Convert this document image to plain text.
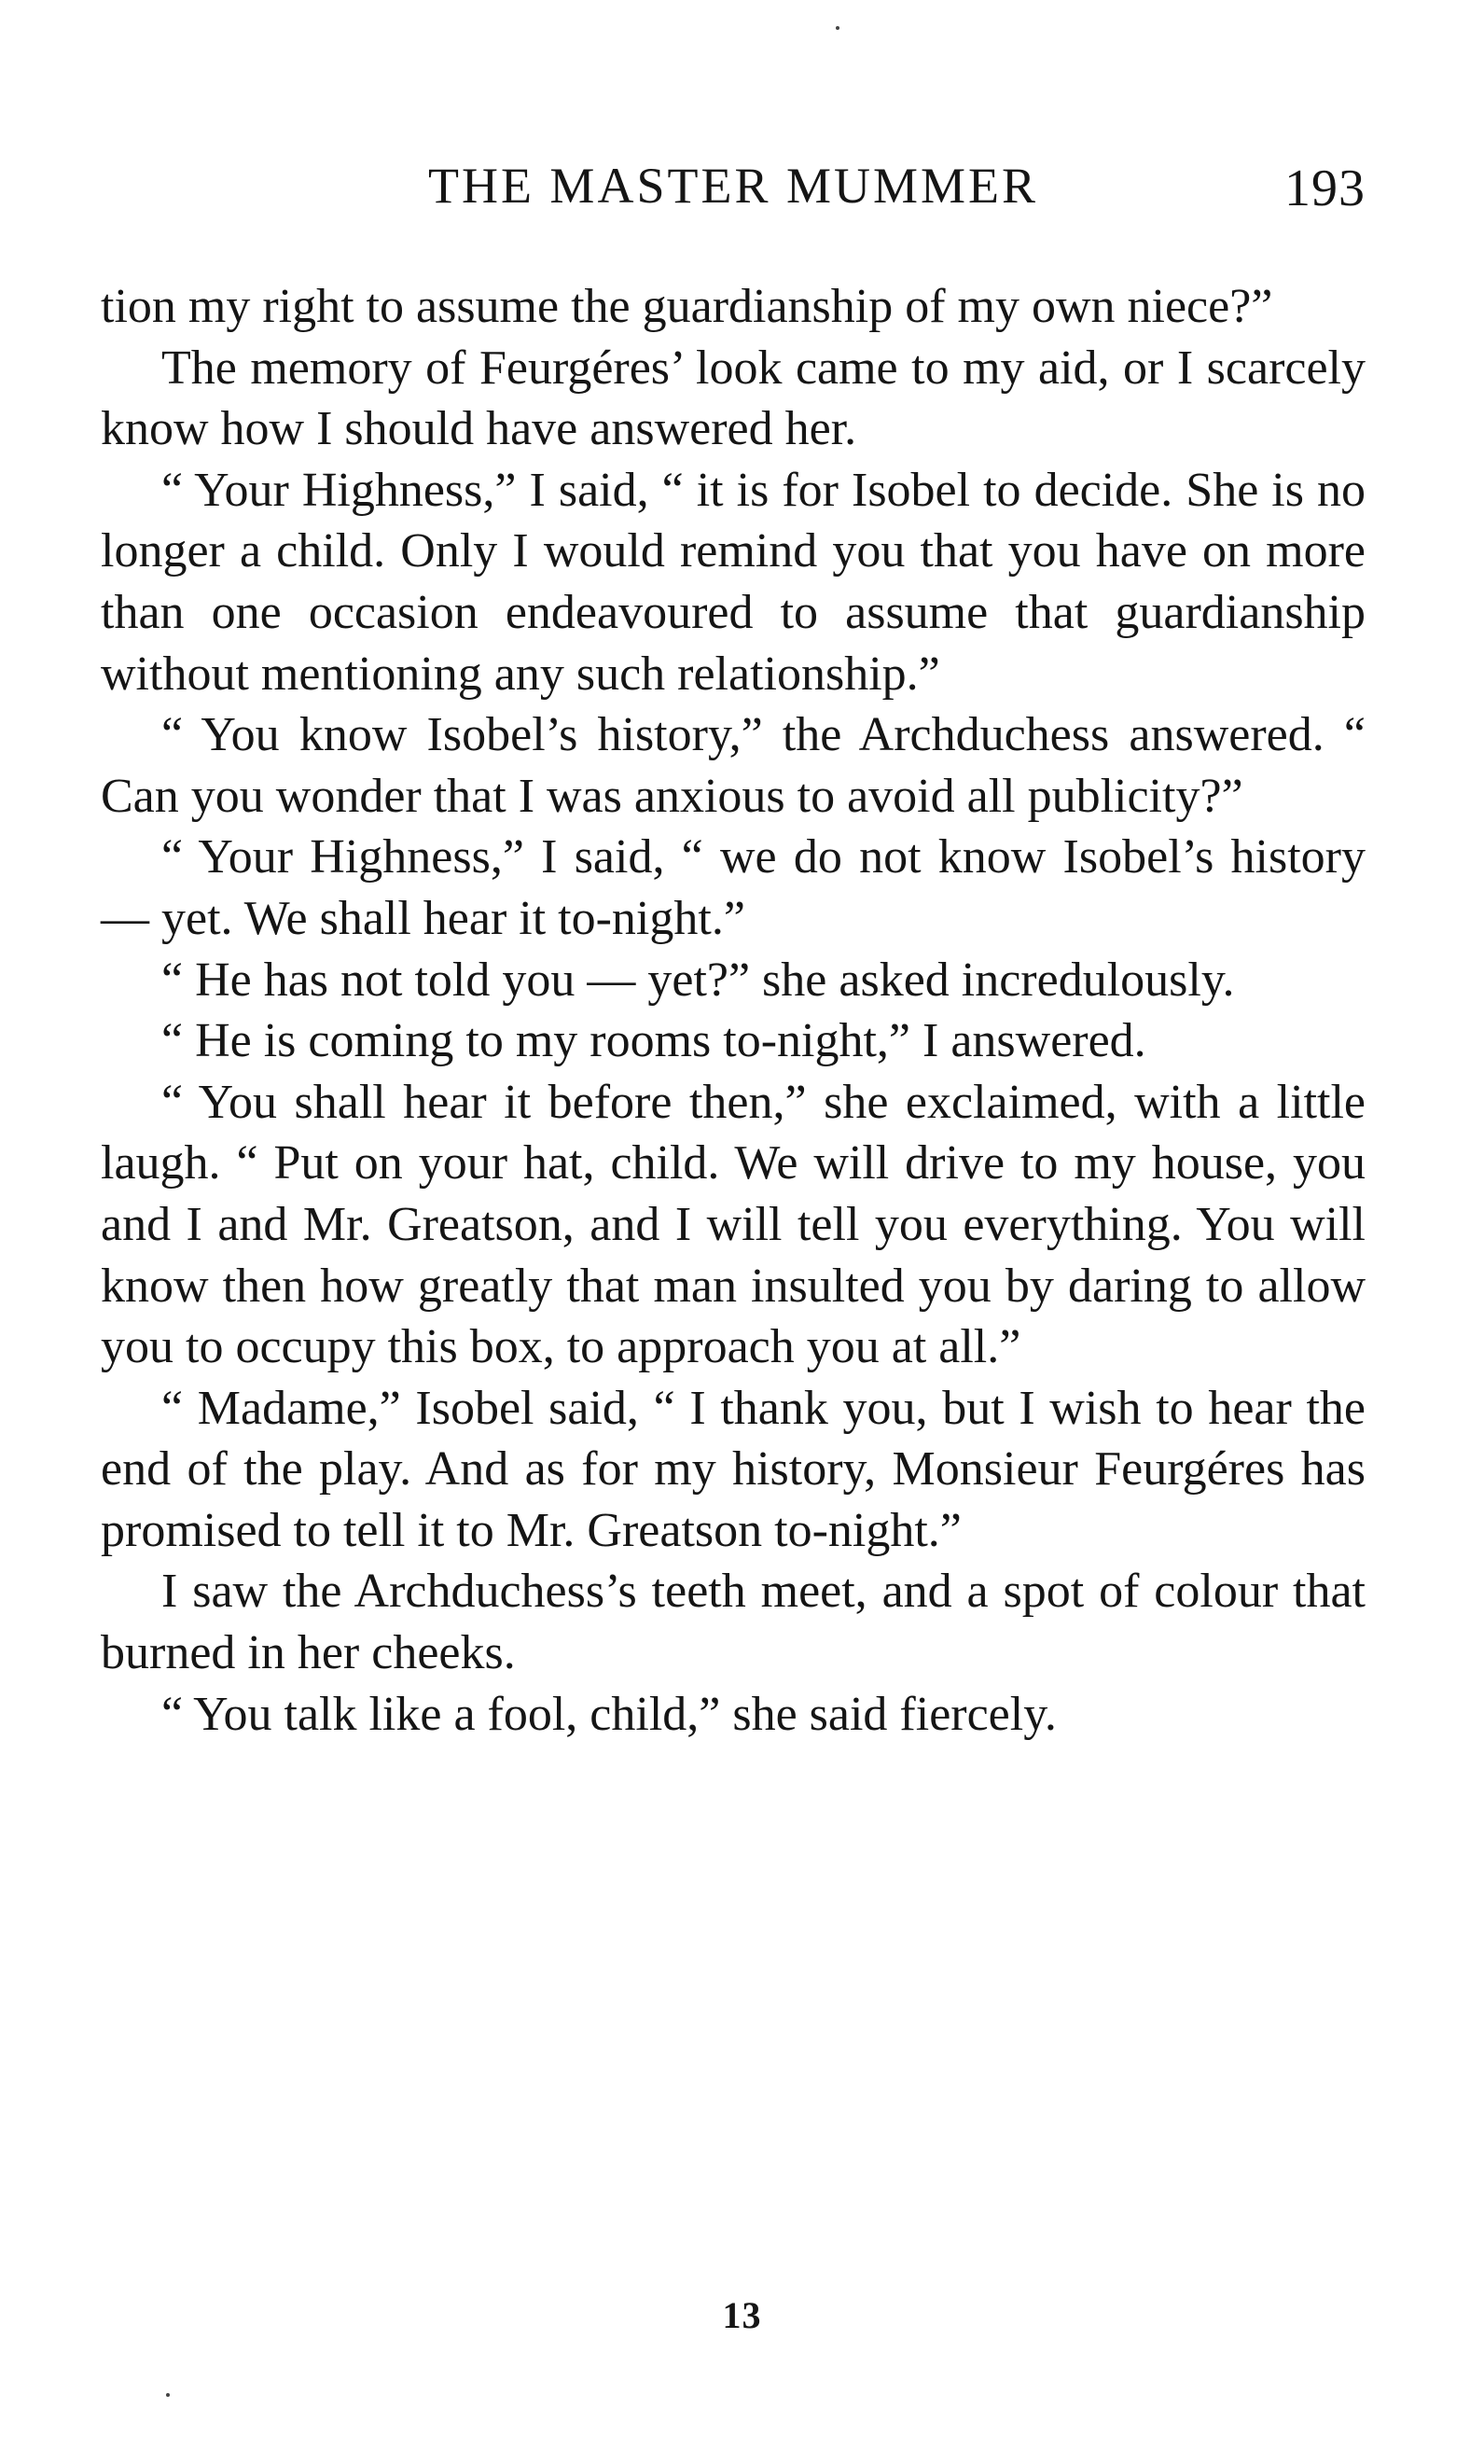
THE MASTER MUMMER	193

tion my right to assume the guardianship of my own niece?”

The memory of Feurgéres’ look came to my aid, or I scarcely know how I should have answered her.

“ Your Highness,” I said, “ it is for Isobel to decide. She is no longer a child. Only I would remind you that you have on more than one occasion endeavoured to assume that guardianship without mentioning any such relationship.”

“ You know Isobel’s history,” the Archduchess answered. “ Can you wonder that I was anxious to avoid all publicity?”

“ Your Highness,” I said, “ we do not know Isobel’s history — yet. We shall hear it to-night.”

“ He has not told you — yet?” she asked incredulously.

“ He is coming to my rooms to-night,” I answered.

“ You shall hear it before then,” she exclaimed, with a little laugh. “ Put on your hat, child. We will drive to my house, you and I and Mr. Greatson, and I will tell you everything. You will know then how greatly that man insulted you by daring to allow you to occupy this box, to approach you at all.”

“ Madame,” Isobel said, “ I thank you, but I wish to hear the end of the play. And as for my history, Monsieur Feurgéres has promised to tell it to Mr. Greatson to-night.”

I saw the Archduchess’s teeth meet, and a spot of colour that burned in her cheeks.

“ You talk like a fool, child,” she said fiercely.

13
